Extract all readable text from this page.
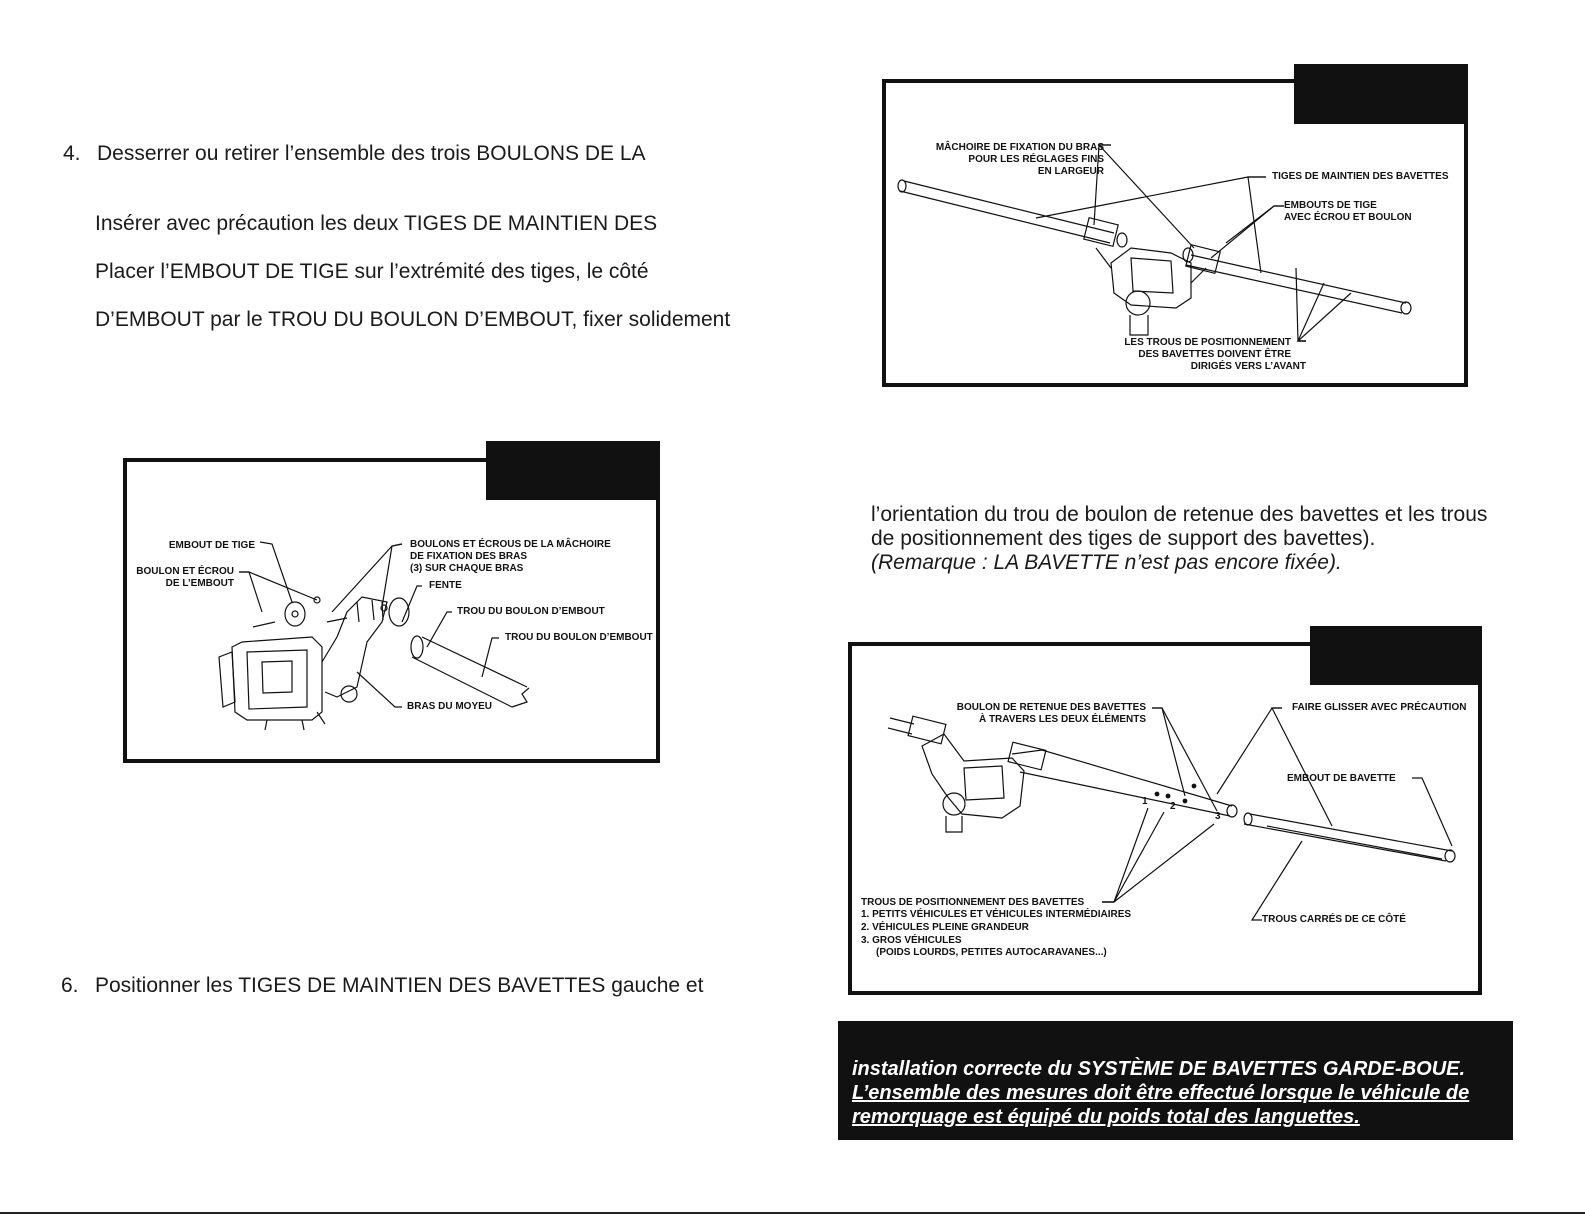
4. Desserrer ou retirer l’ensemble des trois BOULONS DE LA
Insérer avec précaution les deux TIGES DE MAINTIEN DES
Placer l’EMBOUT DE TIGE sur l’extrémité des tiges, le côté
D’EMBOUT par le TROU DU BOULON D’EMBOUT, fixer solidement
EMBOUT DE TIGE
BOULON ET ÉCROU
DE L’EMBOUT
BOULONS ET ÉCROUS DE LA MÂCHOIRE
DE FIXATION DES BRAS
(3) SUR CHAQUE BRAS
FENTE
TROU DU BOULON D’EMBOUT
TROU DU BOULON D’EMBOUT
BRAS DU MOYEU
6. Positionner les TIGES DE MAINTIEN DES BAVETTES gauche et
MÂCHOIRE DE FIXATION DU BRAS
POUR LES RÉGLAGES FINS
EN LARGEUR	TIGES DE MAINTIEN DES BAVETTES
EMBOUTS DE TIGE
AVEC ÉCROU ET BOULON
LES TROUS DE POSITIONNEMENT
DES BAVETTES DOIVENT ÊTRE
DIRIGÉS VERS L’AVANT
l’orientation du trou de boulon de retenue des bavettes et les trous
de positionnement des tiges de support des bavettes).
(Remarque : LA BAVETTE n’est pas encore fixée).
BOULON DE RETENUE DES BAVETTES
À TRAVERS LES DEUX ÉLÉMENTS
FAIRE GLISSER AVEC PRÉCAUTION
EMBOUT DE BAVETTE
1 2
3
TROUS DE POSITIONNEMENT DES BAVETTES
1. PETITS VÉHICULES ET VÉHICULES INTERMÉDIAIRES
2. VÉHICULES PLEINE GRANDEUR
3. GROS VÉHICULES
(POIDS LOURDS, PETITES AUTOCARAVANES...)
TROUS CARRÉS DE CE CÔTÉ
installation correcte du SYSTÈME DE BAVETTES GARDE-BOUE.
L’ensemble des mesures doit être effectué lorsque le véhicule de
remorquage est équipé du poids total des languettes.
